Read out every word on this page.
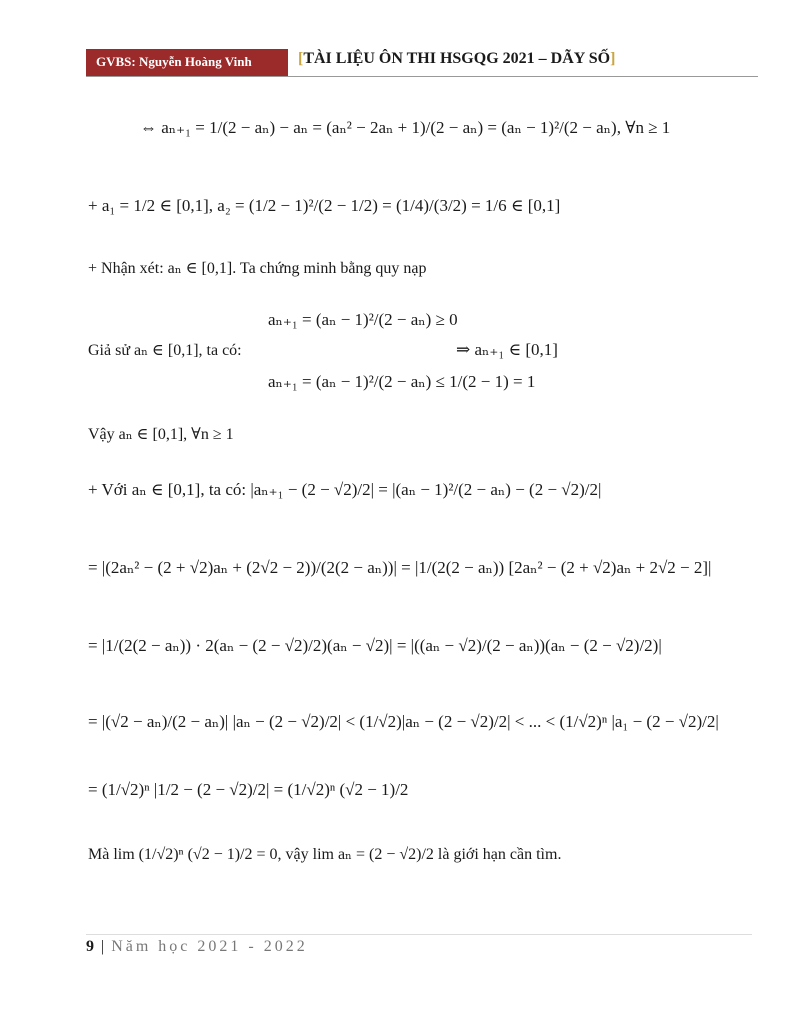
GVBS: Nguyễn Hoàng Vinh	[TÀI LIỆU ÔN THI HSGQG 2021 – DÃY SỐ]
⇔ aₙ₊₁ = 1/(2 − aₙ) − aₙ = (aₙ² − 2aₙ + 1)/(2 − aₙ) = (aₙ − 1)²/(2 − aₙ), ∀n ≥ 1
+ a₁ = 1/2 ∈ [0,1], a₂ = (1/2 − 1)²/(2 − 1/2) = (1/4)/(3/2) = 1/6 ∈ [0,1]
+ Nhận xét: aₙ ∈ [0,1]. Ta chứng minh bằng quy nạp
aₙ₊₁ = (aₙ − 1)²/(2 − aₙ) ≥ 0
Giả sử aₙ ∈ [0,1], ta có:	⇒ aₙ₊₁ ∈ [0,1]
aₙ₊₁ = (aₙ − 1)²/(2 − aₙ) ≤ 1/(2 − 1) = 1
Vậy aₙ ∈ [0,1], ∀n ≥ 1
+ Với aₙ ∈ [0,1], ta có: |aₙ₊₁ − (2 − √2)/2| = |(aₙ − 1)²/(2 − aₙ) − (2 − √2)/2|
= |(2aₙ² − (2 + √2)aₙ + (2√2 − 2))/(2(2 − aₙ))| = |1/(2(2 − aₙ)) [2aₙ² − (2 + √2)aₙ + 2√2 − 2]|
= |1/(2(2 − aₙ)) · 2(aₙ − (2 − √2)/2)(aₙ − √2)| = |((aₙ − √2)/(2 − aₙ))(aₙ − (2 − √2)/2)|
= |(√2 − aₙ)/(2 − aₙ)| |aₙ − (2 − √2)/2| < (1/√2)|aₙ − (2 − √2)/2| < ... < (1/√2)ⁿ |a₁ − (2 − √2)/2|
= (1/√2)ⁿ |1/2 − (2 − √2)/2| = (1/√2)ⁿ (√2 − 1)/2
Mà lim (1/√2)ⁿ (√2 − 1)/2 = 0, vậy lim aₙ = (2 − √2)/2 là giới hạn cần tìm.
9 | Năm học 2021 - 2022
